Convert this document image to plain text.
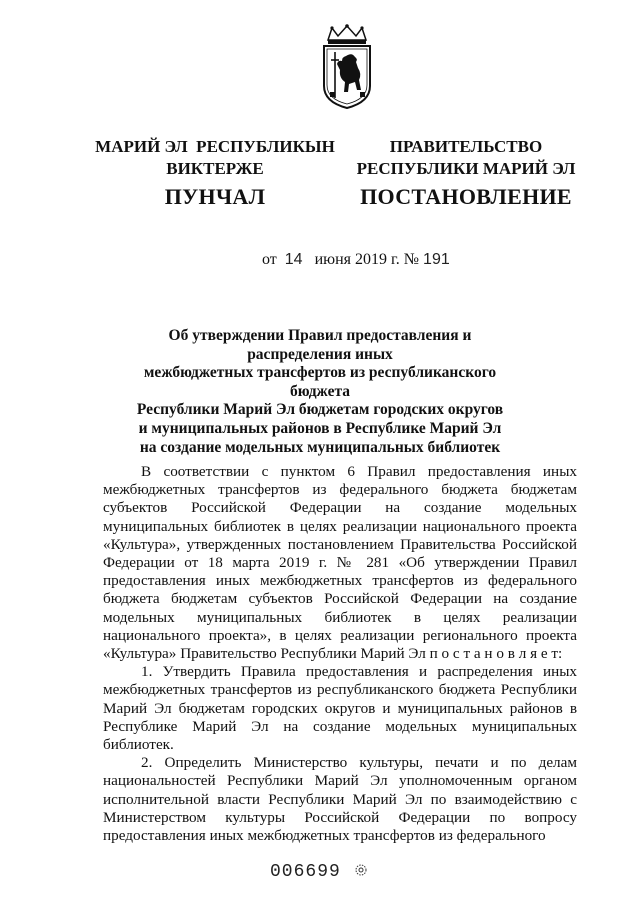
МАРИЙ ЭЛ  РЕСПУБЛИКЫН
ВИКТЕРЖЕ
ПУНЧАЛ
ПРАВИТЕЛЬСТВО
РЕСПУБЛИКИ МАРИЙ ЭЛ
ПОСТАНОВЛЕНИЕ
от 14 июня 2019 г. № 191
Об утверждении Правил предоставления и распределения иных
межбюджетных трансфертов из республиканского бюджета
Республики Марий Эл бюджетам городских округов
и муниципальных районов в Республике Марий Эл
на создание модельных муниципальных библиотек

В соответствии с пунктом 6 Правил предоставления иных межбюджетных трансфертов из федерального бюджета бюджетам субъектов Российской Федерации на создание модельных муниципальных библиотек в целях реализации национального проекта «Культура», утвержденных постановлением Правительства Российской Федерации от 18 марта 2019 г. № 281 «Об утверждении Правил предоставления иных межбюджетных трансфертов из федерального бюджета бюджетам субъектов Российской Федерации на создание модельных муниципальных библиотек в целях реализации национального проекта», в целях реализации регионального проекта «Культура» Правительство Республики Марий Эл п о с т а н о в л я е т:

1. Утвердить Правила предоставления и распределения иных межбюджетных трансфертов из республиканского бюджета Республики Марий Эл бюджетам городских округов и муниципальных районов в Республике Марий Эл на создание модельных муниципальных библиотек.

2. Определить Министерство культуры, печати и по делам национальностей Республики Марий Эл уполномоченным органом исполнительной власти Республики Марий Эл по взаимодействию с Министерством культуры Российской Федерации по вопросу предоставления иных межбюджетных трансфертов из федерального

006699
